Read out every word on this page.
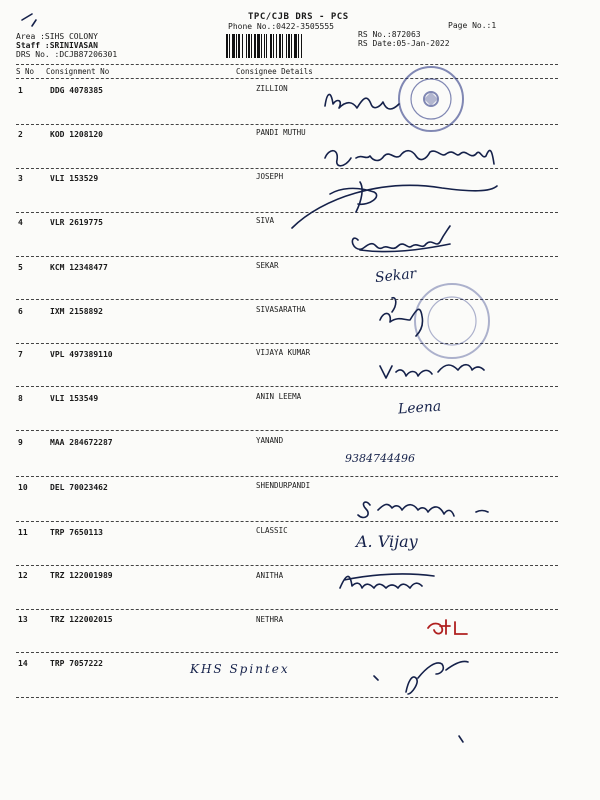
TPC/CJB DRS - PCS
Phone No.:0422-3505555	Page No.:1
RS No.:872063
RS Date:05-Jan-2022
Area :SIHS COLONY
Staff :SRINIVASAN
DRS No. :DCJB87206301
S No Consignment No	Consignee Details
1	DDG 4078385	ZILLION
2	KOD 1208120	PANDI MUTHU
3	VLI 153529	JOSEPH
4	VLR 2619775	SIVA
5	KCM 12348477	SEKAR
6	IXM 2158892	SIVASARATHA
7	VPL 497389110	VIJAYA KUMAR
8	VLI 153549	ANIN LEEMA
9	MAA 284672287	YANAND
10	DEL 70023462	SHENDURPANDI
11	TRP 7650113	CLASSIC
12	TRZ 122001989	ANITHA
13	TRZ 122002015	NETHRA
14	TRP 7057222
Sekar
Leena
9384744496
A. Vijay
KHS Spintex
